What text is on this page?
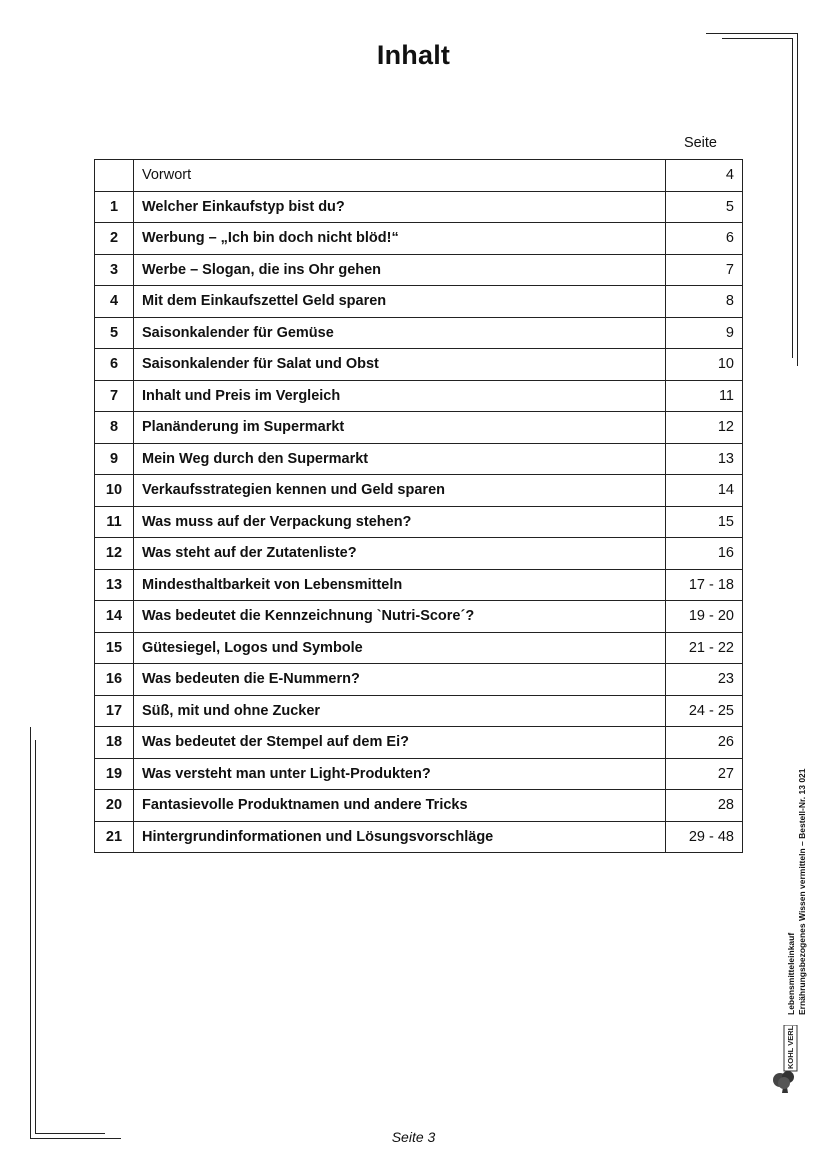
Inhalt
Seite
	Vorwort	4
1	Welcher Einkaufstyp bist du?	5
2	Werbung – „Ich bin doch nicht blöd!“	6
3	Werbe – Slogan, die ins Ohr gehen	7
4	Mit dem Einkaufszettel Geld sparen	8
5	Saisonkalender für Gemüse	9
6	Saisonkalender für Salat und Obst	10
7	Inhalt und Preis im Vergleich	11
8	Planänderung im Supermarkt	12
9	Mein Weg durch den Supermarkt	13
10	Verkaufsstrategien kennen und Geld sparen	14
11	Was muss auf der Verpackung stehen?	15
12	Was steht auf der Zutatenliste?	16
13	Mindesthaltbarkeit von Lebensmitteln	17 - 18
14	Was bedeutet die Kennzeichnung `Nutri-Score´?	19 - 20
15	Gütesiegel, Logos und Symbole	21 - 22
16	Was bedeuten die E-Nummern?	23
17	Süß, mit und ohne Zucker	24 - 25
18	Was bedeutet der Stempel auf dem Ei?	26
19	Was versteht man unter Light-Produkten?	27
20	Fantasievolle Produktnamen und andere Tricks	28
21	Hintergrundinformationen und Lösungsvorschläge	29 - 48
Seite 3
Lebensmitteleinkauf Ernährungsbezogenes Wissen vermitteln – Bestell-Nr. 13 021
KOHL VERLAG
